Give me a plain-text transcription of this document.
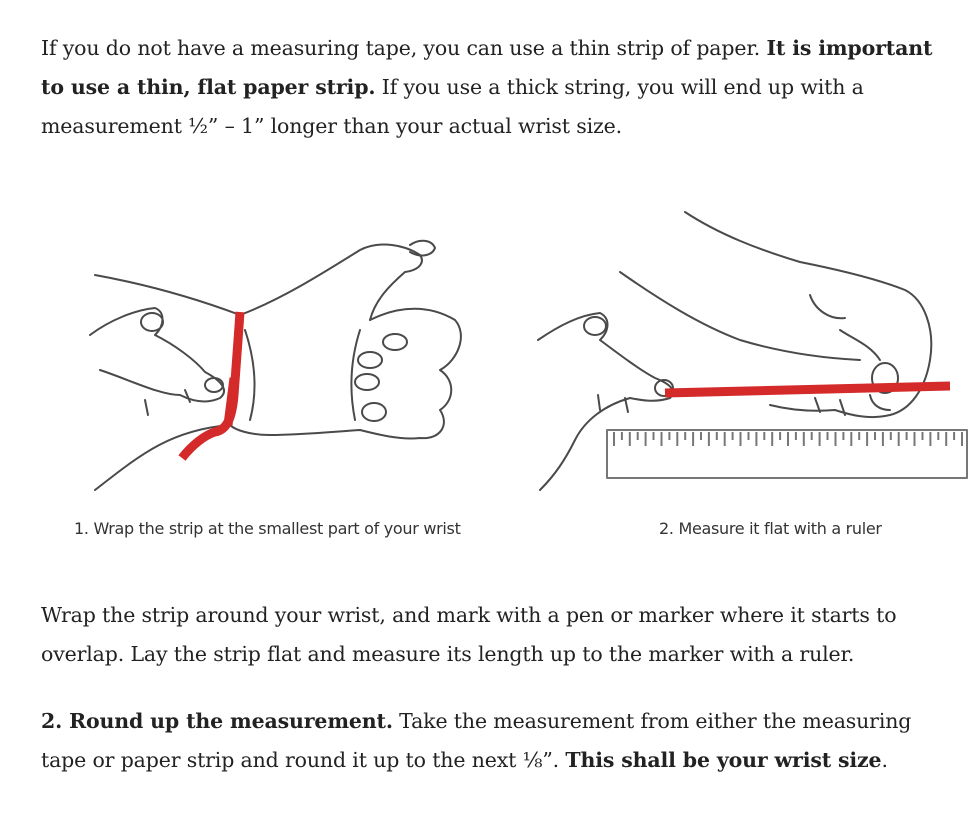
If you do not have a measuring tape, you can use a thin strip of paper. It is important to use a thin, flat paper strip. If you use a thick string, you will end up with a measurement ½” – 1” longer than your actual wrist size.

1. Wrap the strip at the smallest part of your wrist	2. Measure it flat with a ruler

Wrap the strip around your wrist, and mark with a pen or marker where it starts to overlap. Lay the strip flat and measure its length up to the marker with a ruler.

2. Round up the measurement. Take the measurement from either the measuring tape or paper strip and round it up to the next ⅛”. This shall be your wrist size.
